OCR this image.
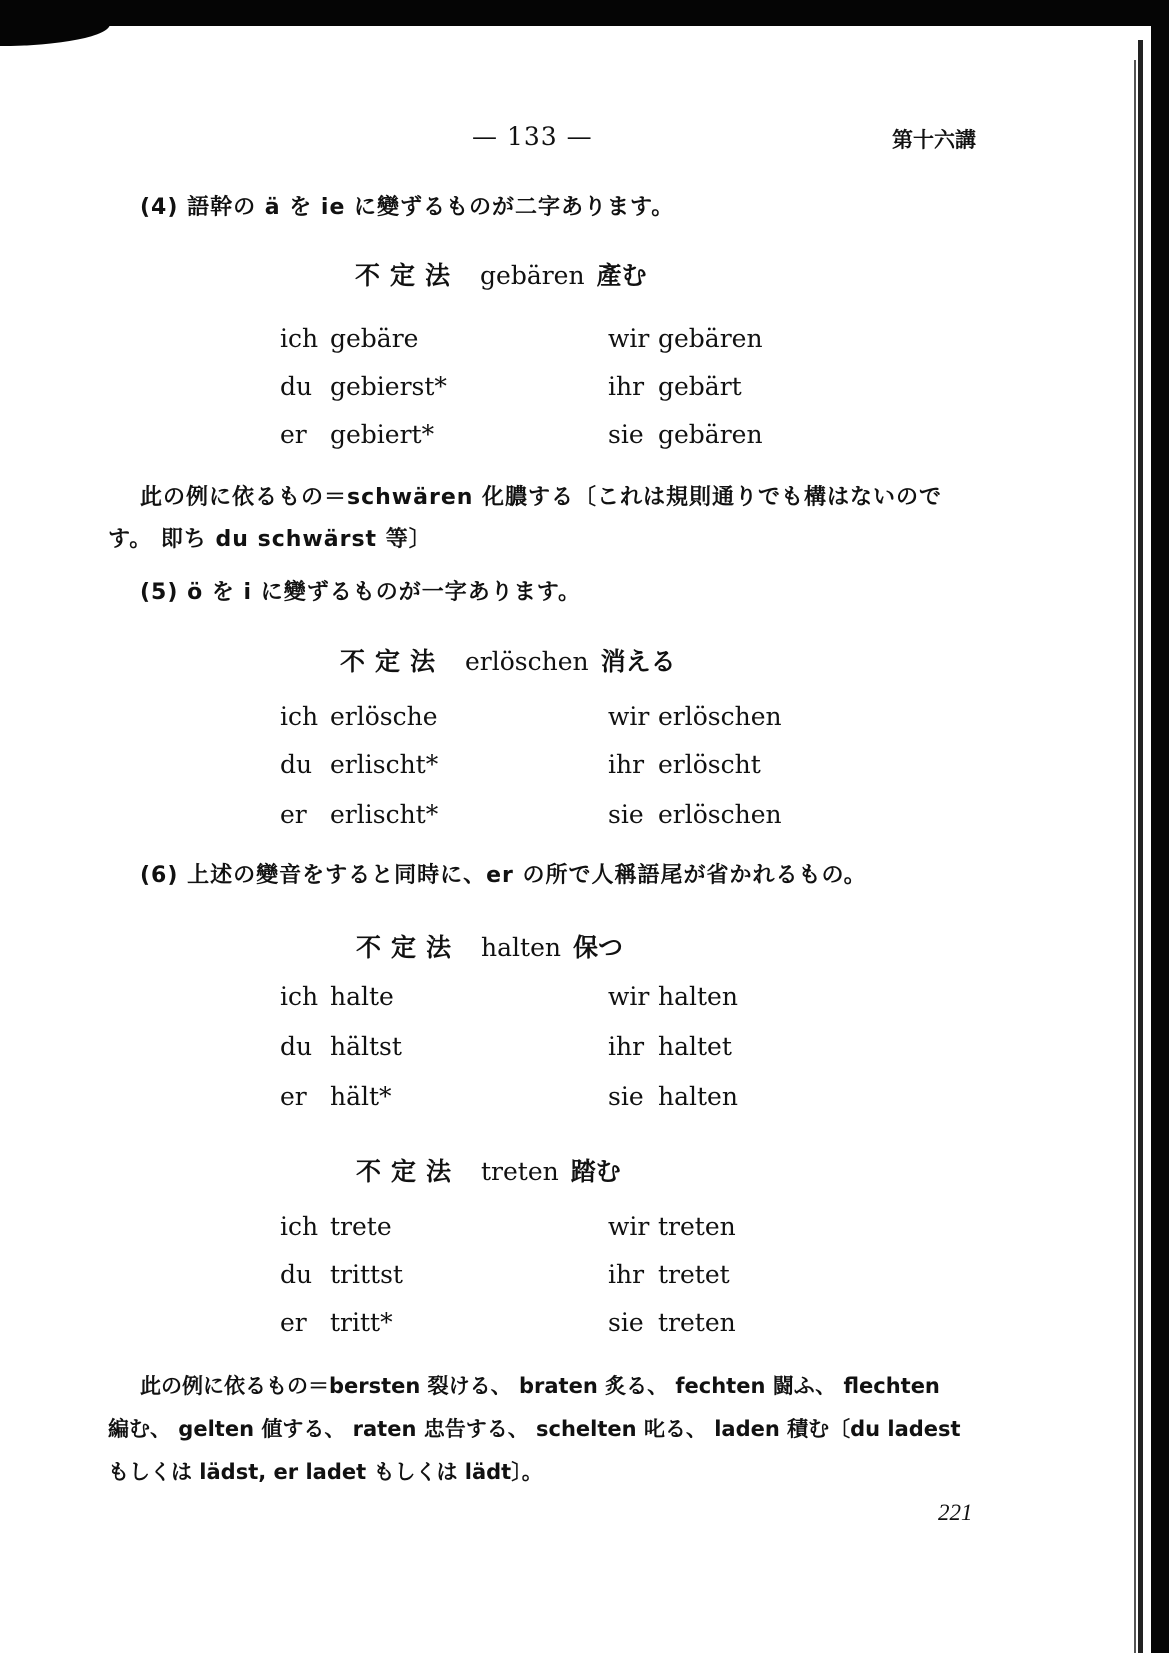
— 133 —	第十六講
(4) 語幹の ä を ie に變ずるものが二字あります。
不定法 gebären 產む
ich gebäre	wir gebären
du gebierst*	ihr gebärt
er gebiert*	sie gebären
此の例に依るもの＝schwären 化膿する〔これは規則通りでも構はないので
す。 即ち du schwärst 等〕
(5) ö を i に變ずるものが一字あります。
不定法 erlöschen 消える
ich erlösche	wir erlöschen
du erlischt*	ihr erlöscht
er erlischt*	sie erlöschen
(6) 上述の變音をすると同時に、er の所で人稱語尾が省かれるもの。
不定法 halten 保つ
ich halte	wir halten
du hältst	ihr haltet
er hält*	sie halten
不定法 treten 踏む
ich trete	wir treten
du trittst	ihr tretet
er tritt*	sie treten
此の例に依るもの＝bersten 裂ける、 braten 炙る、 fechten 闘ふ、 flechten
編む、 gelten 値する、 raten 忠告する、 schelten 叱る、 laden 積む〔du ladest
もしくは lädst, er ladet もしくは lädt〕。
221
